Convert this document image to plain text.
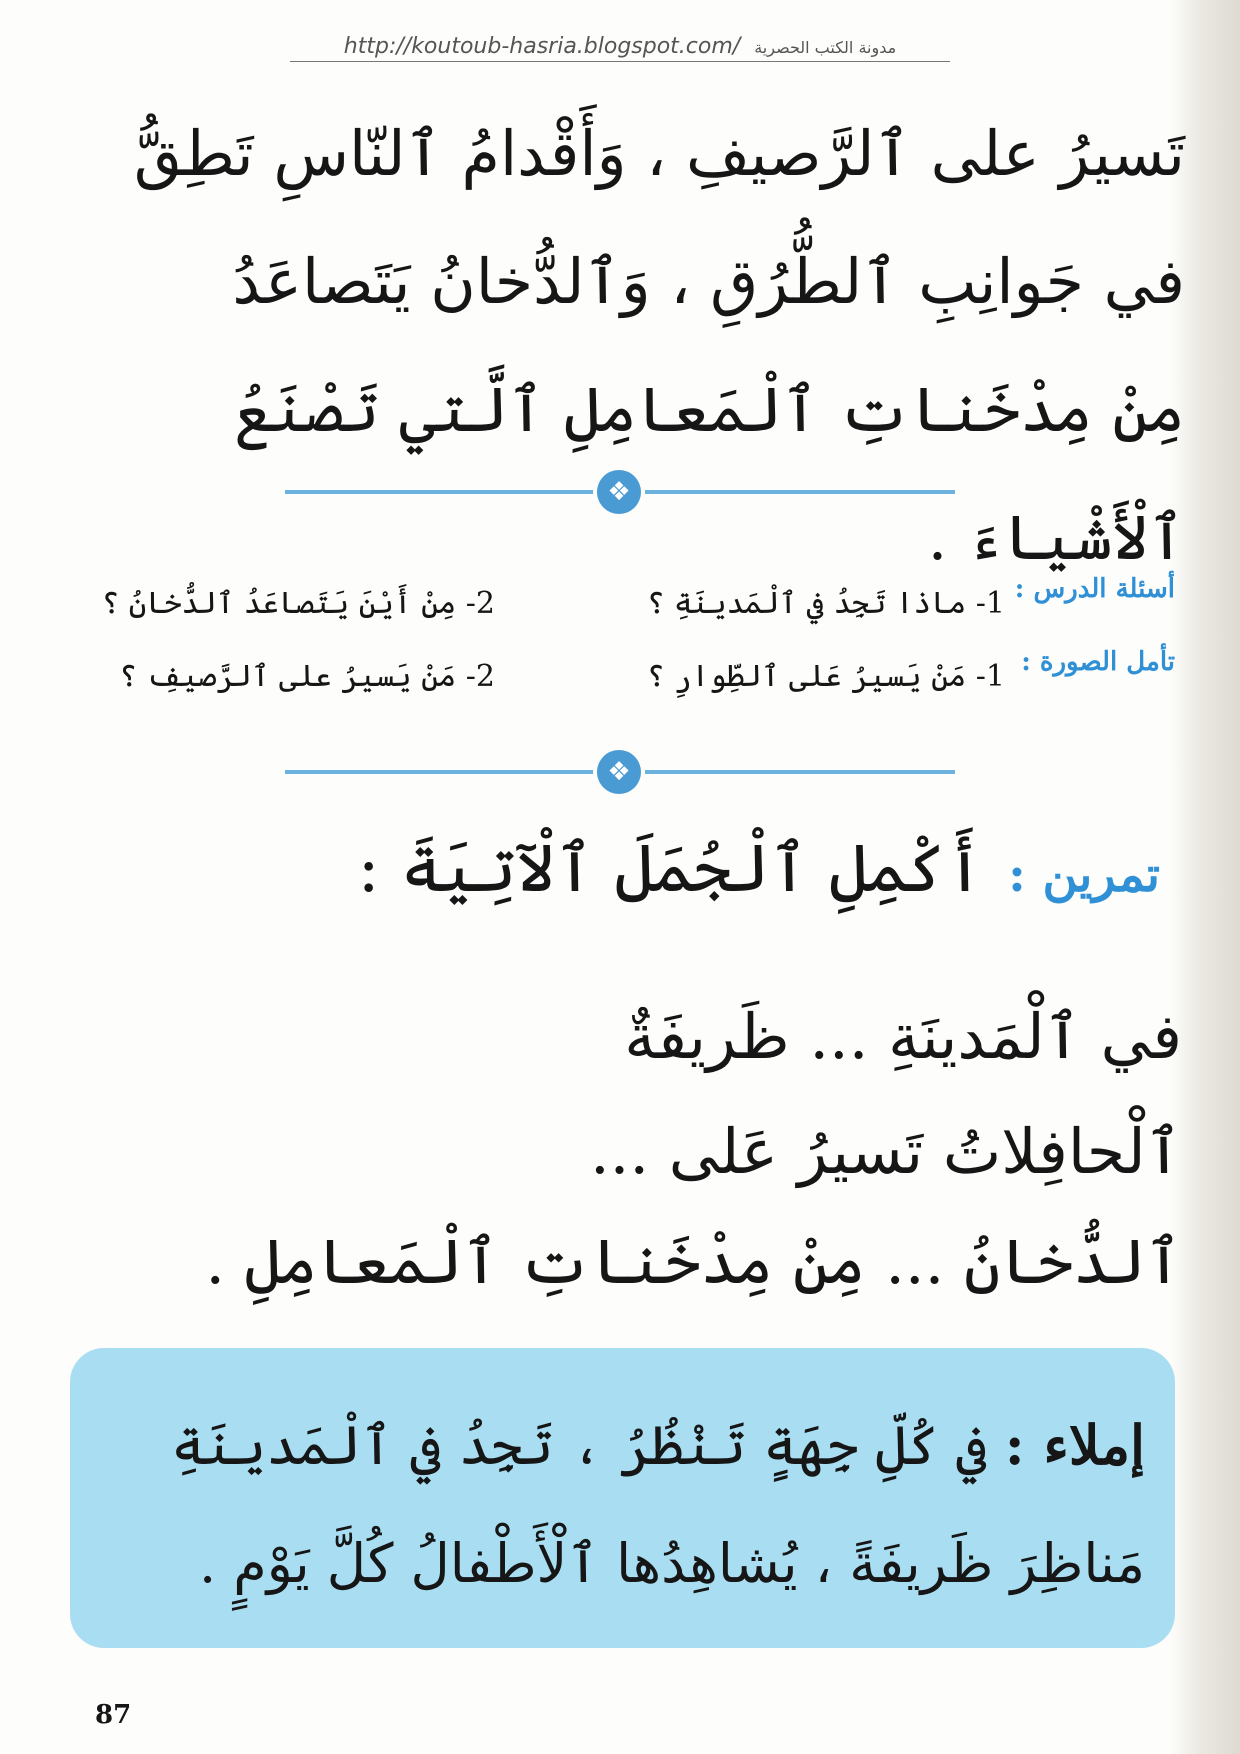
http://koutoub-hasria.blogspot.com/ مدونة الكتب الحصرية
تَسيرُ على ٱلرَّصيفِ ، وَأَقْدامُ ٱلنّاسِ تَطِقُّ
في جَوانِبِ ٱلطُّرُقِ ، وَٱلدُّخانُ يَتَصاعَدُ
مِنْ مِدْخَناتِ ٱلْمَعامِلِ ٱلَّتي تَصْنَعُ ٱلْأَشْياءَ .
❖
أسئلة الدرس :
1- ماذا تَجِدُ في ٱلْمَدينَةِ ؟
2- مِنْ أَيْنَ يَتَصاعَدُ ٱلدُّخانُ ؟
تأمل الصورة :
1- مَنْ يَسيرُ عَلى ٱلطِّوارِ ؟
2- مَنْ يَسيرُ على ٱلرَّصيفِ ؟
❖
تمرين :
أَكْمِلِ ٱلْجُمَلَ ٱلْآتِيَةَ :
في ٱلْمَدينَةِ ... ظَريفَةٌ
ٱلْحافِلاتُ تَسيرُ عَلى ...
ٱلدُّخانُ ... مِنْ مِدْخَناتِ ٱلْمَعامِلِ .
إملاء : في كُلِّ جِهَةٍ تَنْظُرُ ، تَجِدُ في ٱلْمَدينَةِ
مَناظِرَ ظَريفَةً ، يُشاهِدُها ٱلْأَطْفالُ كُلَّ يَوْمٍ .
87
